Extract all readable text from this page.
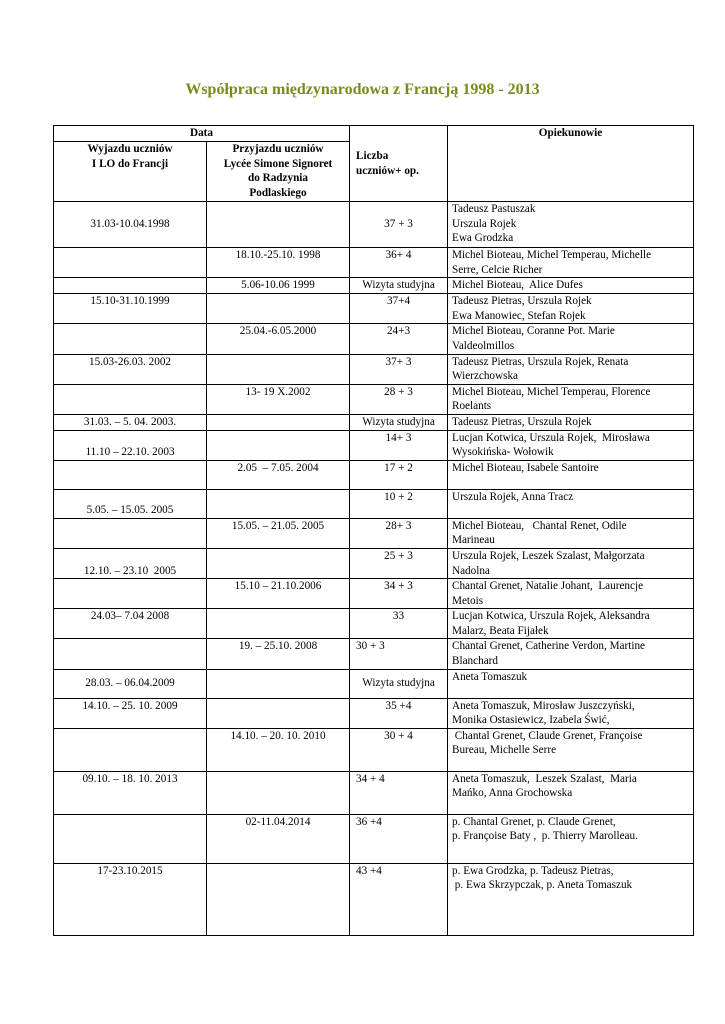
Współpraca międzynarodowa z Francją 1998 - 2013
Data		Liczba
uczniów+ op.	Opiekunowie
Wyjazdu uczniów
I LO do Francji	Przyjazdu uczniów
Lycée Simone Signoret
do Radzynia
Podlaskiego		
31.03-10.04.1998		37 + 3	Tadeusz Pastuszak
Urszula Rojek
Ewa Grodzka
	18.10.-25.10. 1998	36+ 4	Michel Bioteau, Michel Temperau, Michelle
Serre, Celcie Richer
	5.06-10.06 1999	Wizyta studyjna	Michel Bioteau,  Alice Dufes
15.10-31.10.1999		37+4	Tadeusz Pietras, Urszula Rojek
Ewa Manowiec, Stefan Rojek
	25.04.-6.05.2000	24+3	Michel Bioteau, Coranne Pot. Marie
Valdeolmillos
15.03-26.03. 2002		37+ 3	Tadeusz Pietras, Urszula Rojek, Renata
Wierzchowska
	13- 19 X.2002	28 + 3	Michel Bioteau, Michel Temperau, Florence
Roelants
31.03. – 5. 04. 2003.		Wizyta studyjna	Tadeusz Pietras, Urszula Rojek
11.10 – 22.10. 2003		14+ 3	Lucjan Kotwica, Urszula Rojek,  Mirosława
Wysokińska- Wołowik
	2.05  – 7.05. 2004	17 + 2	Michel Bioteau, Isabele Santoire
5.05. – 15.05. 2005		10 + 2	Urszula Rojek, Anna Tracz
	15.05. – 21.05. 2005	28+ 3	Michel Bioteau,   Chantal Renet, Odile
Marineau
12.10. – 23.10  2005		25 + 3	Urszula Rojek, Leszek Szalast, Małgorzata
Nadolna
	15.10 – 21.10.2006	34 + 3	Chantal Grenet, Natalie Johant,  Laurencje
Metois
24.03– 7.04 2008		33	Lucjan Kotwica, Urszula Rojek, Aleksandra
Malarz, Beata Fijałek
	19. – 25.10. 2008	30 + 3	Chantal Grenet, Catherine Verdon, Martine
Blanchard
28.03. – 06.04.2009		Wizyta studyjna	Aneta Tomaszuk
14.10. – 25. 10. 2009		35 +4	Aneta Tomaszuk, Mirosław Juszczyński,
Monika Ostasiewicz, Izabela Świć,
	14.10. – 20. 10. 2010	30 + 4	Chantal Grenet, Claude Grenet, Françoise
Bureau, Michelle Serre
09.10. – 18. 10. 2013		34 + 4	Aneta Tomaszuk,  Leszek Szalast,  Maria
Mańko, Anna Grochowska
	02-11.04.2014	36 +4	p. Chantal Grenet, p. Claude Grenet,
p. Françoise Baty ,  p. Thierry Marolleau.
17-23.10.2015		43 +4	p. Ewa Grodzka, p. Tadeusz Pietras,
p. Ewa Skrzypczak, p. Aneta Tomaszuk
